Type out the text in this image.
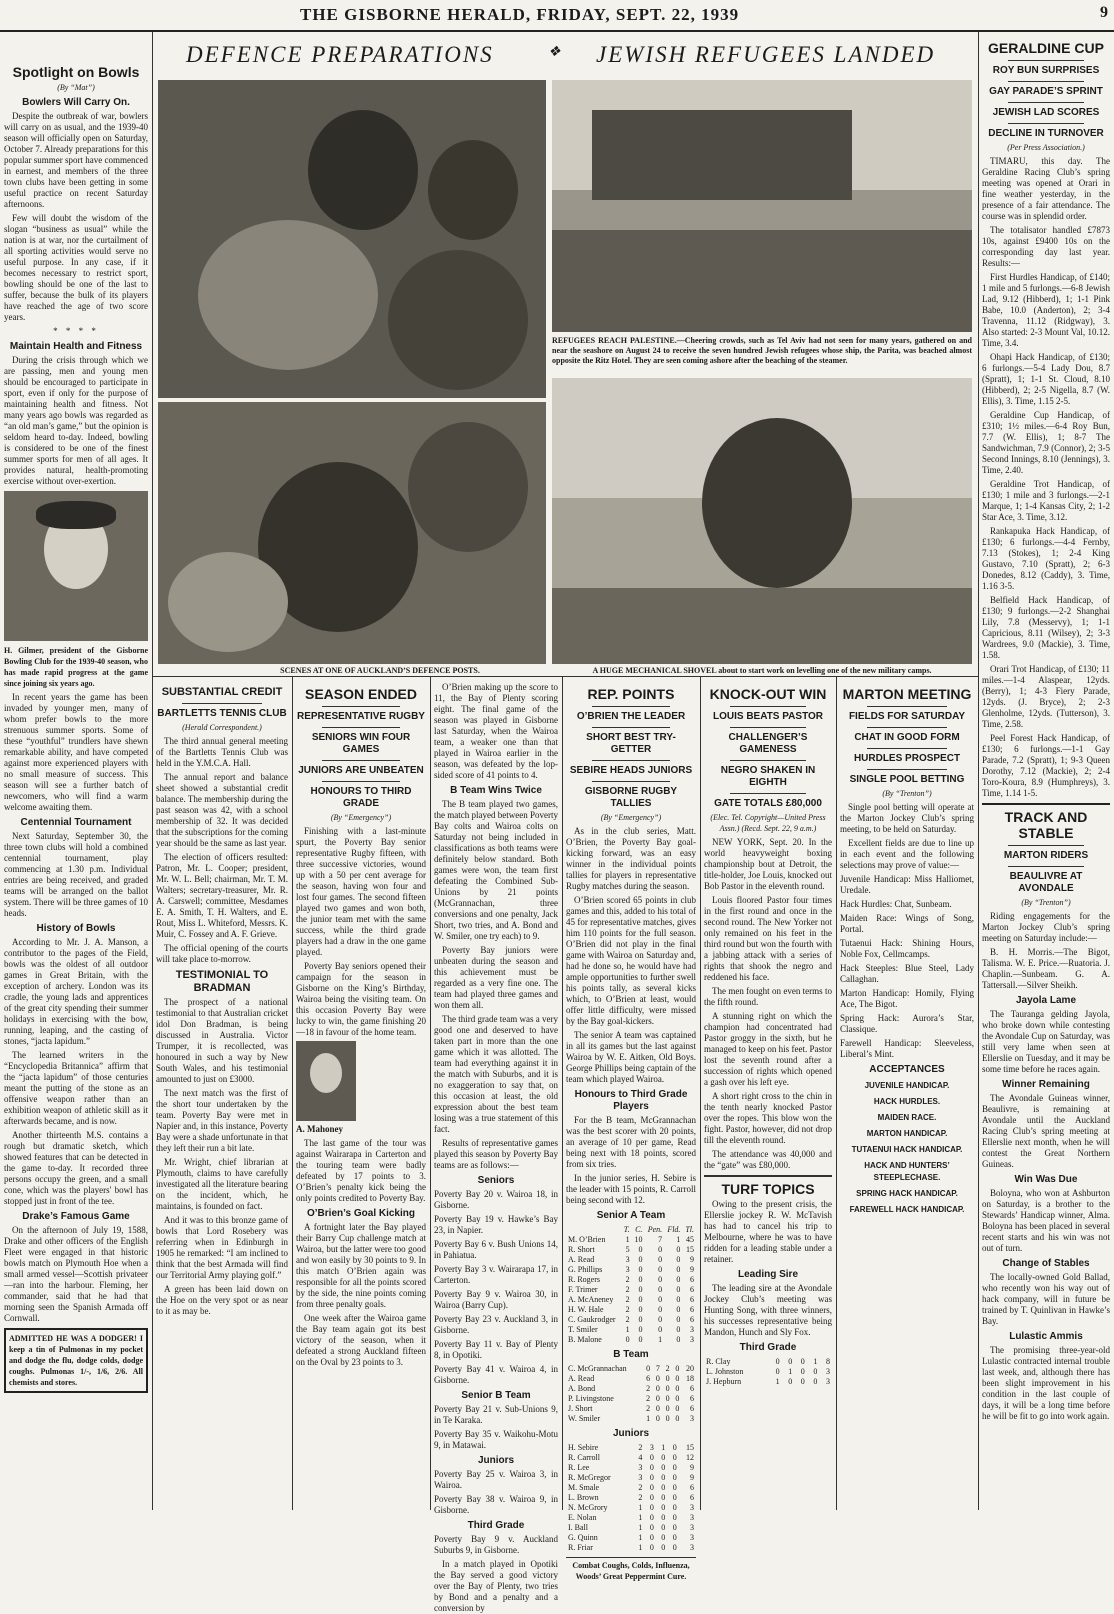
THE GISBORNE HERALD, FRIDAY, SEPT. 22, 1939	9
DEFENCE PREPARATIONS	❖ JEWISH REFUGEES LANDED
REFUGEES REACH PALESTINE.—Cheering crowds, such as Tel Aviv had not seen for many years, gathered on and near the seashore on August 24 to receive the seven hundred Jewish refugees whose ship, the Parita, was beached almost opposite the Ritz Hotel. They are seen coming ashore after the beaching of the steamer.
SCENES AT ONE OF AUCKLAND’S DEFENCE POSTS.	A HUGE MECHANICAL SHOVEL about to start work on levelling one of the new military camps.
Spotlight on Bowls
(By “Mat”)
Bowlers Will Carry On.

Despite the outbreak of war, bowlers will carry on as usual, and the 1939-40 season will officially open on Saturday, October 7. Already preparations for this popular summer sport have commenced in earnest, and members of the three town clubs have been getting in some useful practice on recent Saturday afternoons.

Few will doubt the wisdom of the slogan “business as usual” while the nation is at war, nor the curtailment of all sporting activities would serve no useful purpose. In any case, if it becomes necessary to restrict sport, bowling should be one of the last to suffer, because the bulk of its players have reached the age of two score years.

* * * *
Maintain Health and Fitness

During the crisis through which we are passing, men and young men should be encouraged to participate in sport, even if only for the purpose of maintaining health and fitness. Not many years ago bowls was regarded as “an old man’s game,” but the opinion is seldom heard to-day. Indeed, bowling is considered to be one of the finest summer sports for men of all ages. It provides natural, health-promoting exercise without over-exertion.

H. Gilmer, president of the Gisborne Bowling Club for the 1939-40 season, who has made rapid progress at the game since joining six years ago.

In recent years the game has been invaded by younger men, many of whom prefer bowls to the more strenuous summer sports. Some of these “youthful” trundlers have shewn remarkable ability, and have competed against more experienced players with no small measure of success. This season will see a further batch of newcomers, who will find a warm welcome awaiting them.

Centennial Tournament

Next Saturday, September 30, the three town clubs will hold a combined centennial tournament, play commencing at 1.30 p.m. Individual entries are being received, and graded teams will be arranged on the ballot system. There will be three games of 10 heads.

History of Bowls

According to Mr. J. A. Manson, a contributor to the pages of the Field, bowls was the oldest of all outdoor games in Great Britain, with the exception of archery. London was its cradle, the young lads and apprentices of the great city spending their summer holidays in exercising with the bow, running, leaping, and the casting of stones, “jacta lapidum.”

The learned writers in the “Encyclopedia Britannica” affirm that the “jacta lapidum” of those centuries meant the putting of the stone as an offensive weapon rather than an exhibition weapon of athletic skill as it afterwards became, and is now.

Another thirteenth M.S. contains a rough but dramatic sketch, which showed features that can be detected in the game to-day. It recorded three persons occupy the green, and a small cone, which was the players' bowl has stopped just in front of the tee.

Drake’s Famous Game

On the afternoon of July 19, 1588, Drake and other officers of the English Fleet were engaged in that historic bowls match on Plymouth Hoe when a small armed vessel—Scottish privateer—ran into the harbour. Fleming, her commander, said that he had that morning seen the Spanish Armada off Cornwall.

ADMITTED HE WAS A DODGER! I keep a tin of Pulmonas in my pocket and dodge the flu, dodge colds, dodge coughs. Pulmonas 1/-, 1/6, 2/6. All chemists and stores.
SUBSTANTIAL CREDIT
BARTLETTS TENNIS CLUB
(Herald Correspondent.)

The third annual general meeting of the Bartletts Tennis Club was held in the Y.M.C.A. Hall.

The annual report and balance sheet showed a substantial credit balance. The membership during the past season was 42, with a school membership of 32. It was decided that the subscriptions for the coming year should be the same as last year.

The election of officers resulted: Patron, Mr. L. Cooper; president, Mr. W. L. Bell; chairman, Mr. T. M. Walters; secretary-treasurer, Mr. R. A. Carswell; committee, Mesdames E. A. Smith, T. H. Walters, and E. Rout, Miss L. Whiteford, Messrs. K. Muir, C. Fossey and A. F. Grieve.

The official opening of the courts will take place to-morrow.

TESTIMONIAL TO BRADMAN

The prospect of a national testimonial to that Australian cricket idol Don Bradman, is being discussed in Australia. Victor Trumper, it is recollected, was honoured in such a way by New South Wales, and his testimonial amounted to just on £3000.

The next match was the first of the short tour undertaken by the team. Poverty Bay were met in Napier and, in this instance, Poverty Bay were a shade unfortunate in that they left their run a bit late.

Mr. Wright, chief librarian at Plymouth, claims to have carefully investigated all the literature bearing on the incident, which, he maintains, is founded on fact.

And it was to this bronze game of bowls that Lord Rosebery was referring when in Edinburgh in 1905 he remarked: “I am inclined to think that the best Armada will find our Territorial Army playing golf.”

A green has been laid down on the Hoe on the very spot or as near to it as may be.

SEASON ENDED
REPRESENTATIVE RUGBY
SENIORS WIN FOUR GAMES
JUNIORS ARE UNBEATEN
HONOURS TO THIRD GRADE
(By “Emergency”)

Finishing with a last-minute spurt, the Poverty Bay senior representative Rugby fifteen, with three successive victories, wound up with a 50 per cent average for the season, having won four and lost four games. The second fifteen played two games and won both, the junior team met with the same success, while the third grade players had a draw in the one game played.

Poverty Bay seniors opened their campaign for the season in Gisborne on the King’s Birthday, Wairoa being the visiting team. On this occasion Poverty Bay were lucky to win, the game finishing 20—18 in favour of the home team.

A. Mahoney

The last game of the tour was against Wairarapa in Carterton and the touring team were badly defeated by 17 points to 3. O’Brien’s penalty kick being the only points credited to Poverty Bay.

O’Brien’s Goal Kicking

A fortnight later the Bay played their Barry Cup challenge match at Wairoa, but the latter were too good and won easily by 30 points to 9. In this match O’Brien again was responsible for all the points scored by the side, the nine points coming from three penalty goals.

One week after the Wairoa game the Bay team again got its best victory of the season, when it defeated a strong Auckland fifteen on the Oval by 23 points to 3.

O’Brien making up the score to 11, the Bay of Plenty scoring eight. The final game of the season was played in Gisborne last Saturday, when the Wairoa team, a weaker one than that played in Wairoa earlier in the season, was defeated by the lop-sided score of 41 points to 4.

B Team Wins Twice

The B team played two games, the match played between Poverty Bay colts and Wairoa colts on Saturday not being included in classifications as both teams were definitely below standard. Both games were won, the team first defeating the Combined Sub-Unions by 21 points (McGrannachan, three conversions and one penalty, Jack Short, two tries, and A. Bond and W. Smiler, one try each) to 9.

Poverty Bay juniors were unbeaten during the season and this achievement must be regarded as a very fine one. The team had played three games and won them all.

The third grade team was a very good one and deserved to have taken part in more than the one game which it was allotted. The team had everything against it in the match with Suburbs, and it is no exaggeration to say that, on this occasion at least, the old expression about the best team losing was a true statement of this fact.

Results of representative games played this season by Poverty Bay teams are as follows:—

Seniors

Poverty Bay 20 v. Wairoa 18, in Gisborne.

Poverty Bay 19 v. Hawke’s Bay 23, in Napier.

Poverty Bay 6 v. Bush Unions 14, in Pahiatua.

Poverty Bay 3 v. Wairarapa 17, in Carterton.

Poverty Bay 9 v. Wairoa 30, in Wairoa (Barry Cup).

Poverty Bay 23 v. Auckland 3, in Gisborne.

Poverty Bay 11 v. Bay of Plenty 8, in Opotiki.

Poverty Bay 41 v. Wairoa 4, in Gisborne.

Senior B Team

Poverty Bay 21 v. Sub-Unions 9, in Te Karaka.

Poverty Bay 35 v. Waikohu-Motu 9, in Matawai.

Juniors

Poverty Bay 25 v. Wairoa 3, in Wairoa.

Poverty Bay 38 v. Wairoa 9, in Gisborne.

Third Grade

Poverty Bay 9 v. Auckland Suburbs 9, in Gisborne.

In a match played in Opotiki the Bay served a good victory over the Bay of Plenty, two tries by Bond and a penalty and a conversion by

REP. POINTS
O’BRIEN THE LEADER
SHORT BEST TRY-GETTER
SEBIRE HEADS JUNIORS
GISBORNE RUGBY TALLIES
(By “Emergency”)

As in the club series, Matt. O’Brien, the Poverty Bay goal-kicking forward, was an easy winner in the individual points tallies for players in representative Rugby matches during the season.

O’Brien scored 65 points in club games and this, added to his total of 45 for representative matches, gives him 110 points for the full season. O’Brien did not play in the final game with Wairoa on Saturday and, had he done so, he would have had ample opportunities to further swell his points tally, as several kicks which, to O’Brien at least, would offer little difficulty, were missed by the Bay goal-kickers.

The senior A team was captained in all its games but the last against Wairoa by W. E. Aitken, Old Boys. George Phillips being captain of the team which played Wairoa.

Honours to Third Grade Players

For the B team, McGrannachan was the best scorer with 20 points, an average of 10 per game, Read being next with 18 points, scored from six tries.

In the junior series, H. Sebire is the leader with 15 points, R. Carroll being second with 12.

Senior A Team
	T.	C.	Pen.	Fld.	Tl.
M. O’Brien	1	10	7	1	45
R. Short	5	0	0	0	15
A. Read	3	0	0	0	9
G. Phillips	3	0	0	0	9
R. Rogers	2	0	0	0	6
F. Trimer	2	0	0	0	6
A. McAneney	2	0	0	0	6
H. W. Hale	2	0	0	0	6
C. Gaukrodger	2	0	0	0	6
T. Smiler	1	0	0	0	3
B. Malone	0	0	1	0	3
B Team
C. McGrannachan	0	7	2	0	20
A. Read	6	0	0	0	18
A. Bond	2	0	0	0	6
P. Livingstone	2	0	0	0	6
J. Short	2	0	0	0	6
W. Smiler	1	0	0	0	3
Juniors
H. Sebire	2	3	1	0	15
R. Carroll	4	0	0	0	12
R. Lee	3	0	0	0	9
R. McGregor	3	0	0	0	9
M. Smale	2	0	0	0	6
L. Brown	2	0	0	0	6
N. McGrory	1	0	0	0	3
E. Nolan	1	0	0	0	3
I. Ball	1	0	0	0	3
G. Quinn	1	0	0	0	3
R. Friar	1	0	0	0	3
Combat Coughs, Colds, Influenza, Woods’ Great Peppermint Cure.
KNOCK-OUT WIN
LOUIS BEATS PASTOR
CHALLENGER’S GAMENESS
NEGRO SHAKEN IN EIGHTH
GATE TOTALS £80,000
(Elec. Tel. Copyright—United Press Assn.) (Recd. Sept. 22, 9 a.m.)

NEW YORK, Sept. 20. In the world heavyweight boxing championship bout at Detroit, the title-holder, Joe Louis, knocked out Bob Pastor in the eleventh round.

Louis floored Pastor four times in the first round and once in the second round. The New Yorker not only remained on his feet in the third round but won the fourth with a jabbing attack with a series of rights that shook the negro and reddened his face.

The men fought on even terms to the fifth round.

A stunning right on which the champion had concentrated had Pastor groggy in the sixth, but he managed to keep on his feet. Pastor lost the seventh round after a succession of rights which opened a gash over his left eye.

A short right cross to the chin in the tenth nearly knocked Pastor over the ropes. This blow won the fight. Pastor, however, did not drop till the eleventh round.

The attendance was 40,000 and the “gate” was £80,000.

TURF TOPICS

Owing to the present crisis, the Ellerslie jockey R. W. McTavish has had to cancel his trip to Melbourne, where he was to have ridden for a leading stable under a retainer.

Leading Sire

The leading sire at the Avondale Jockey Club’s meeting was Hunting Song, with three winners, his successes representative being Mandon, Hunch and Sly Fox.

Third Grade
R. Clay	0	0	0	1	8
L. Johnston	0	1	0	0	3
J. Hepburn	1	0	0	0	3
MARTON MEETING
FIELDS FOR SATURDAY
CHAT IN GOOD FORM
HURDLES PROSPECT
SINGLE POOL BETTING
(By “Trenton”)

Single pool betting will operate at the Marton Jockey Club’s spring meeting, to be held on Saturday.

Excellent fields are due to line up in each event and the following selections may prove of value:—

Juvenile Handicap: Miss Halliomet, Uredale.

Hack Hurdles: Chat, Sunbeam.

Maiden Race: Wings of Song, Portal.

Tutaenui Hack: Shining Hours, Noble Fox, Cellmcamps.

Hack Steeples: Blue Steel, Lady Callaghan.

Marton Handicap: Homily, Flying Ace, The Bigot.

Spring Hack: Aurora’s Star, Classique.

Farewell Handicap: Sleeveless, Liberal’s Mint.

ACCEPTANCES
JUVENILE HANDICAP.
HACK HURDLES.
MAIDEN RACE.
MARTON HANDICAP.
TUTAENUI HACK HANDICAP.
HACK AND HUNTERS’ STEEPLECHASE.
SPRING HACK HANDICAP.
FAREWELL HACK HANDICAP.
GERALDINE CUP
ROY BUN SURPRISES
GAY PARADE’S SPRINT
JEWISH LAD SCORES
DECLINE IN TURNOVER
(Per Press Association.)

TIMARU, this day. The Geraldine Racing Club’s spring meeting was opened at Orari in fine weather yesterday, in the presence of a fair attendance. The course was in splendid order.

The totalisator handled £7873 10s, against £9400 10s on the corresponding day last year. Results:—

First Hurdles Handicap, of £140; 1 mile and 5 furlongs.—6-8 Jewish Lad, 9.12 (Hibberd), 1; 1-1 Pink Babe, 10.0 (Anderton), 2; 3-4 Travenna, 11.12 (Ridgway), 3. Also started: 2-3 Mount Val, 10.12. Time, 3.4.

Ohapi Hack Handicap, of £130; 6 furlongs.—5-4 Lady Dou, 8.7 (Spratt), 1; 1-1 St. Cloud, 8.10 (Hibberd), 2; 2-5 Nigella, 8.7 (W. Ellis), 3. Time, 1.15 2-5.

Geraldine Cup Handicap, of £310; 1½ miles.—6-4 Roy Bun, 7.7 (W. Ellis), 1; 8-7 The Sandwichman, 7.9 (Connor), 2; 3-5 Second Innings, 8.10 (Jennings), 3. Time, 2.40.

Geraldine Trot Handicap, of £130; 1 mile and 3 furlongs.—2-1 Marque, 1; 1-4 Kansas City, 2; 1-2 Star Ace, 3. Time, 3.12.

Rankapuka Hack Handicap, of £130; 6 furlongs.—4-4 Fernby, 7.13 (Stokes), 1; 2-4 King Gustavo, 7.10 (Spratt), 2; 6-3 Donedes, 8.12 (Caddy), 3. Time, 1.16 3-5.

Belfield Hack Handicap, of £130; 9 furlongs.—2-2 Shanghai Lily, 7.8 (Messervy), 1; 1-1 Capricious, 8.11 (Wilsey), 2; 3-3 Wardrees, 9.0 (Mackie), 3. Time, 1.58.

Orari Trot Handicap, of £130; 11 miles.—1-4 Alaspear, 12yds. (Berry), 1; 4-3 Fiery Parade, 12yds. (J. Bryce), 2; 2-3 Glenholme, 12yds. (Tutterson), 3. Time, 2.58.

Peel Forest Hack Handicap, of £130; 6 furlongs.—1-1 Gay Parade, 7.2 (Spratt), 1; 9-3 Queen Dorothy, 7.12 (Mackie), 2; 2-4 Toro-Koura, 8.9 (Humphreys), 3. Time, 1.14 1-5.

TRACK AND STABLE
MARTON RIDERS
BEAULIVRE AT AVONDALE
(By “Trenton”)

Riding engagements for the Marton Jockey Club’s spring meeting on Saturday include:—

B. H. Morris.—The Bigot, Talisma. W. E. Price.—Ruatoria. J. Chaplin.—Sunbeam. G. A. Tattersall.—Silver Sheikh.

Jayola Lame

The Tauranga gelding Jayola, who broke down while contesting the Avondale Cup on Saturday, was still very lame when seen at Ellerslie on Tuesday, and it may be some time before he races again.

Winner Remaining

The Avondale Guineas winner, Beaulivre, is remaining at Avondale until the Auckland Racing Club’s spring meeting at Ellerslie next month, when he will contest the Great Northern Guineas.

Win Was Due

Boloyna, who won at Ashburton on Saturday, is a brother to the Stewards’ Handicap winner, Alma. Boloyna has been placed in several recent starts and his win was not out of turn.

Change of Stables

The locally-owned Gold Ballad, who recently won his way out of hack company, will in future be trained by T. Quinlivan in Hawke’s Bay.

Lulastic Ammis

The promising three-year-old Lulastic contracted internal trouble last week, and, although there has been slight improvement in his condition in the last couple of days, it will be a long time before he will be fit to go into work again.
